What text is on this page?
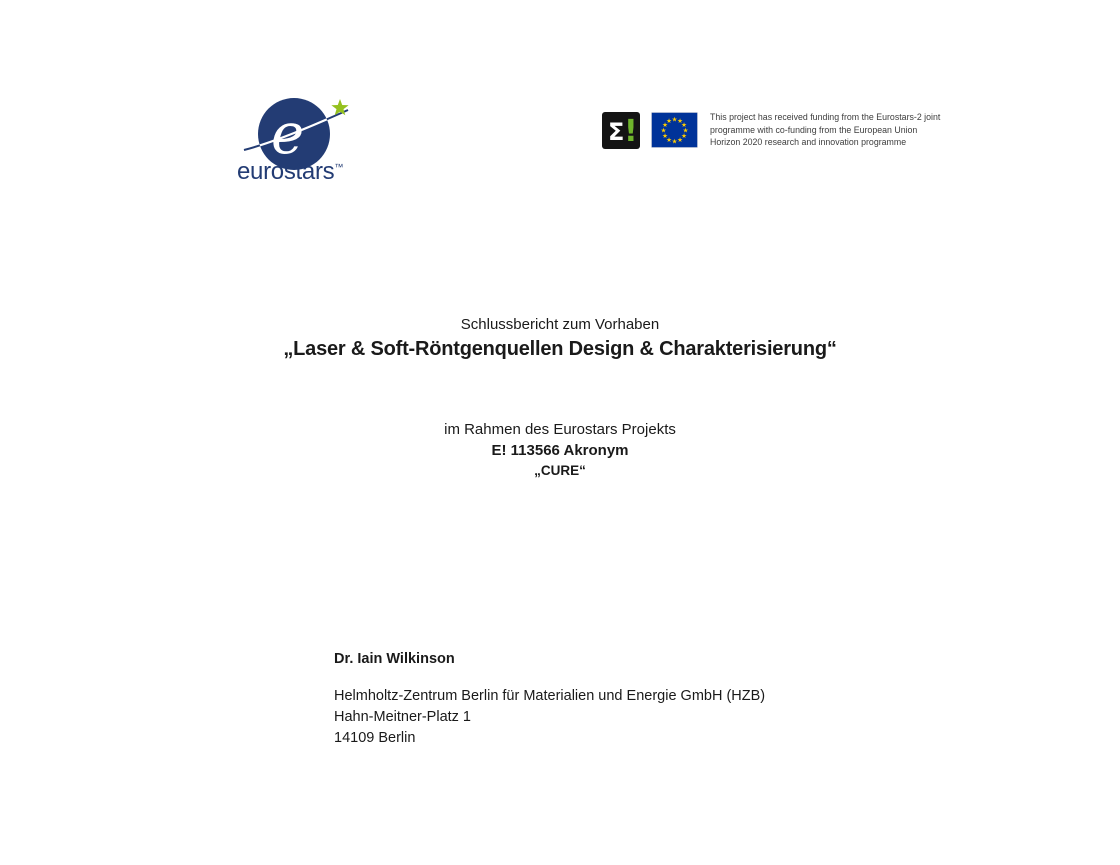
e
eurostars™
Σ !	★ ★
★
★
★
★
★
★
★
★
★
★	This project has received funding from the Eurostars-2 joint
programme with co-funding from the European Union
Horizon 2020 research and innovation programme
Schlussbericht zum Vorhaben
„Laser & Soft-Röntgenquellen Design & Charakterisierung“
im Rahmen des Eurostars Projekts
E! 113566 Akronym
„CURE“
Dr. Iain Wilkinson
Helmholtz-Zentrum Berlin für Materialien und Energie GmbH (HZB)
Hahn-Meitner-Platz 1
14109 Berlin
